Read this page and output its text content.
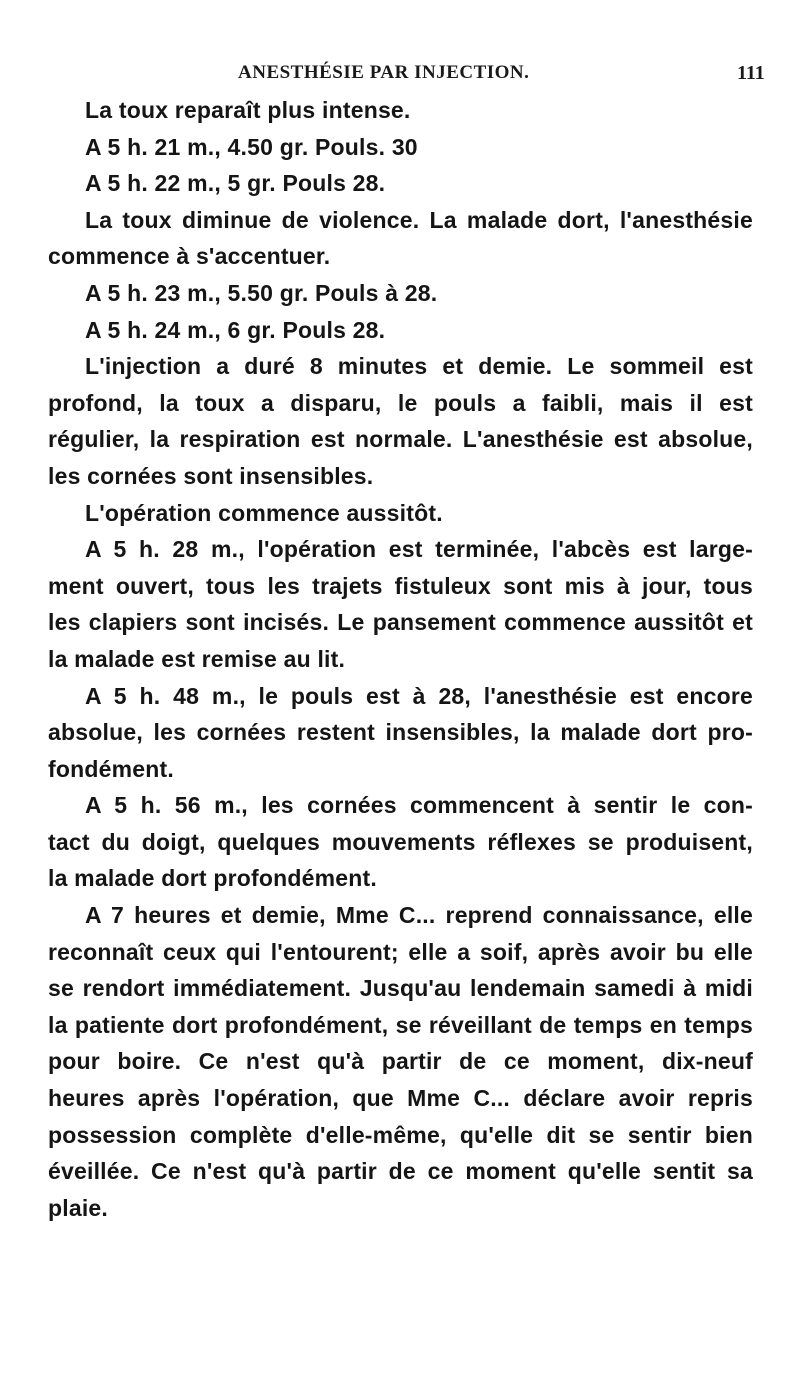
ANESTHÉSIE PAR INJECTION.	111
La toux reparaît plus intense.
A 5 h. 21 m., 4.50 gr. Pouls. 30
A 5 h. 22 m., 5 gr. Pouls 28.
La toux diminue de violence. La malade dort, l'anesthésie
commence à s'accentuer.
A 5 h. 23 m., 5.50 gr. Pouls à 28.
A 5 h. 24 m., 6 gr. Pouls 28.
L'injection a duré 8 minutes et demie. Le sommeil est
profond, la toux a disparu, le pouls a faibli, mais il est
régulier, la respiration est normale. L'anesthésie est absolue,
les cornées sont insensibles.
L'opération commence aussitôt.
A 5 h. 28 m., l'opération est terminée, l'abcès est large-
ment ouvert, tous les trajets fistuleux sont mis à jour, tous
les clapiers sont incisés. Le pansement commence aussitôt et
la malade est remise au lit.
A 5 h. 48 m., le pouls est à 28, l'anesthésie est encore
absolue, les cornées restent insensibles, la malade dort pro-
fondément.
A 5 h. 56 m., les cornées commencent à sentir le con-
tact du doigt, quelques mouvements réflexes se produisent,
la malade dort profondément.
A 7 heures et demie, Mme C... reprend connaissance, elle
reconnaît ceux qui l'entourent; elle a soif, après avoir bu elle
se rendort immédiatement. Jusqu'au lendemain samedi à midi
la patiente dort profondément, se réveillant de temps en temps
pour boire. Ce n'est qu'à partir de ce moment, dix-neuf
heures après l'opération, que Mme C... déclare avoir repris
possession complète d'elle-même, qu'elle dit se sentir bien
éveillée. Ce n'est qu'à partir de ce moment qu'elle sentit sa
plaie.
